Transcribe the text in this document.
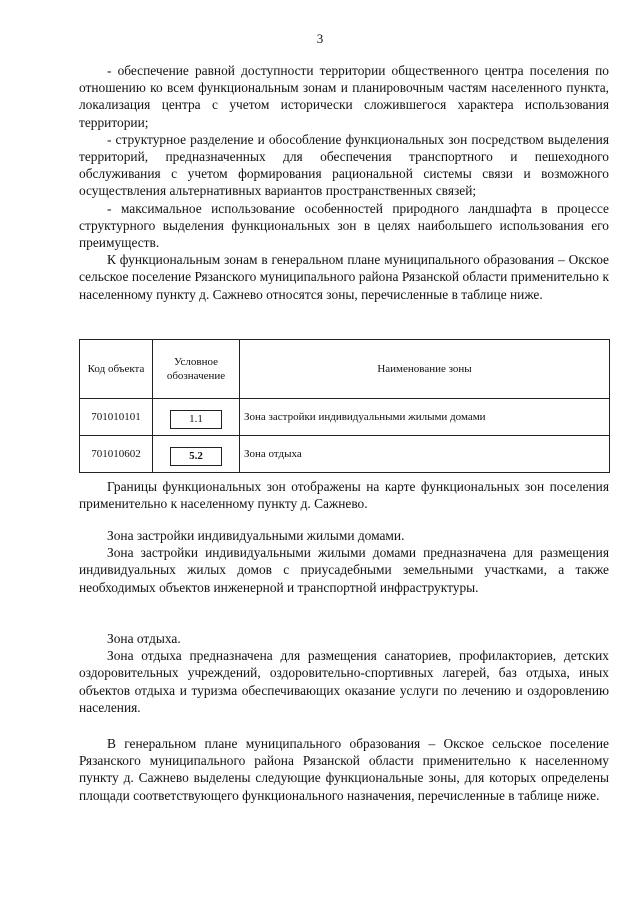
3

- обеспечение равной доступности территории общественного центра поселения по отношению ко всем функциональным зонам и планировочным частям населенного пункта, локализация центра с учетом исторически сложившегося характера использования территории;

- структурное разделение и обособление функциональных зон посредством выделения территорий, предназначенных для обеспечения транспортного и пешеходного обслуживания с учетом формирования рациональной системы связи и возможного осуществления альтернативных вариантов пространственных связей;

- максимальное использование особенностей природного ландшафта в процессе структурного выделения функциональных зон в целях наибольшего использования его преимуществ.

К функциональным зонам в генеральном плане муниципального образования – Окское сельское поселение Рязанского муниципального района Рязанской области применительно к населенному пункту д. Сажнево относятся зоны, перечисленные в таблице ниже.

Код объекта	Условное обозначение	Наименование зоны
701010101	1.1	Зона застройки индивидуальными жилыми домами
701010602	5.2	Зона отдыха

Границы функциональных зон отображены на карте функциональных зон поселения применительно к населенному пункту д. Сажнево.

Зона застройки индивидуальными жилыми домами.

Зона застройки индивидуальными жилыми домами предназначена для размещения индивидуальных жилых домов с приусадебными земельными участками, а также необходимых объектов инженерной и транспортной инфраструктуры.

Зона отдыха.

Зона отдыха предназначена для размещения санаториев, профилакториев, детских оздоровительных учреждений, оздоровительно-спортивных лагерей, баз отдыха, иных объектов отдыха и туризма обеспечивающих оказание услуги по лечению и оздоровлению населения.

В генеральном плане муниципального образования – Окское сельское поселение Рязанского муниципального района Рязанской области применительно к населенному пункту д. Сажнево выделены следующие функциональные зоны, для которых определены площади соответствующего функционального назначения, перечисленные в таблице ниже.
